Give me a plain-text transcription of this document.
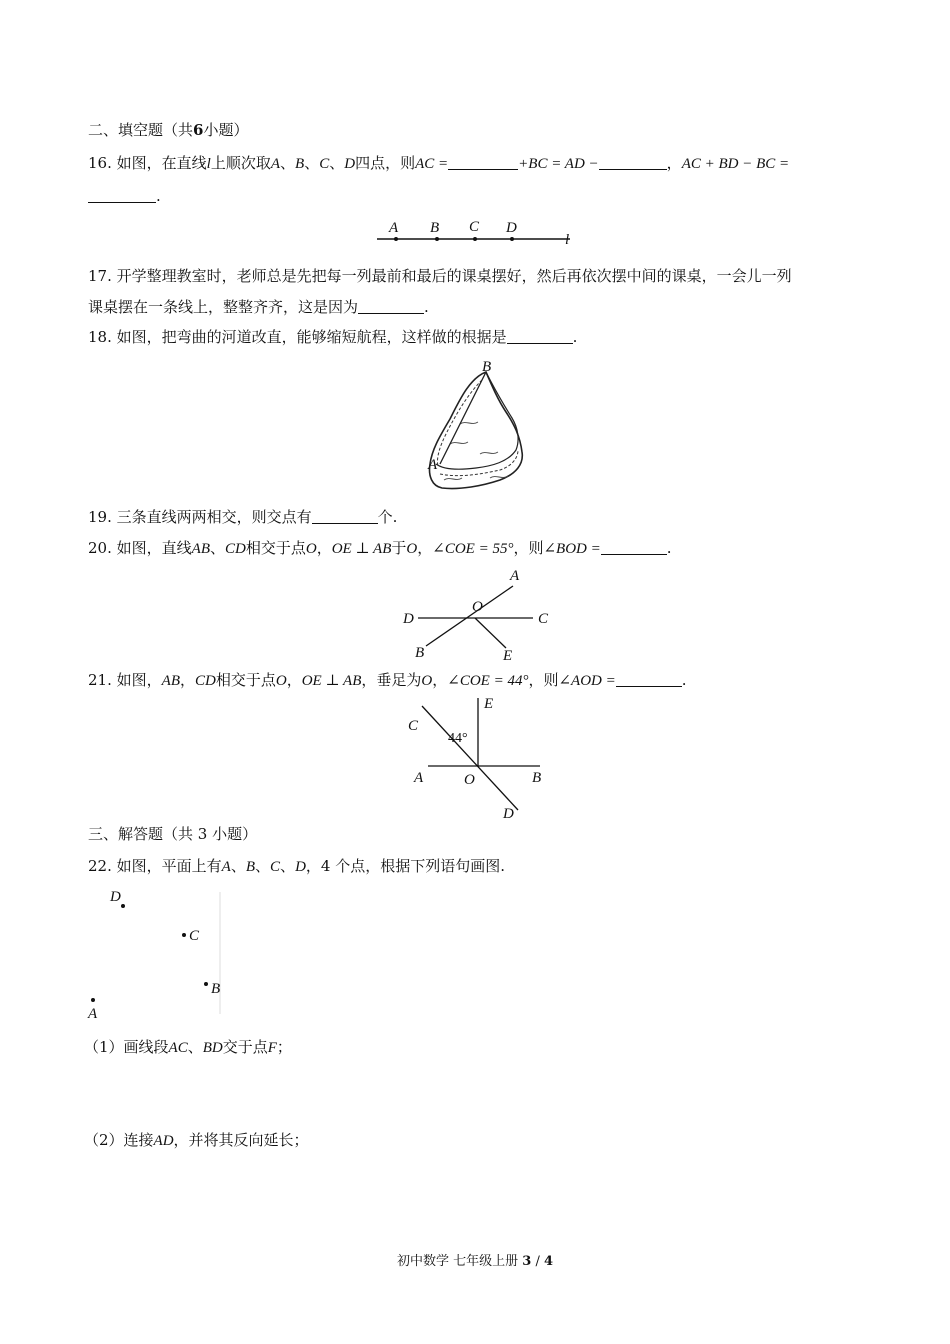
二、填空题（共6小题）
16. 如图，在直线l上顺次取A、B、C、D四点，则AC =	+BC = AD −	，AC + BD − BC =
.
A B C D
l
17. 开学整理教室时，老师总是先把每一列最前和最后的课桌摆好，然后再依次摆中间的课桌，一会儿一列
课桌摆在一条线上，整整齐齐，这是因为	.
18. 如图，把弯曲的河道改直，能够缩短航程，这样做的根据是	.
B
A
19. 三条直线两两相交，则交点有	个.
20. 如图，直线AB、CD相交于点O，OE ⊥ AB于O，∠COE = 55°，则∠BOD =	.
A
D
O
C
B	E
21. 如图，AB，CD相交于点O，OE ⊥ AB，垂足为O，∠COE = 44°，则∠AOD =	.
C
E
44°
A	O	B
D
三、解答题（共 3 小题）
22. 如图，平面上有A、B、C、D，4 个点，根据下列语句画图.
D
C
B
A
（1）画线段AC、BD交于点F；
（2）连接AD，并将其反向延长；
初中数学 七年级上册 3 / 4
